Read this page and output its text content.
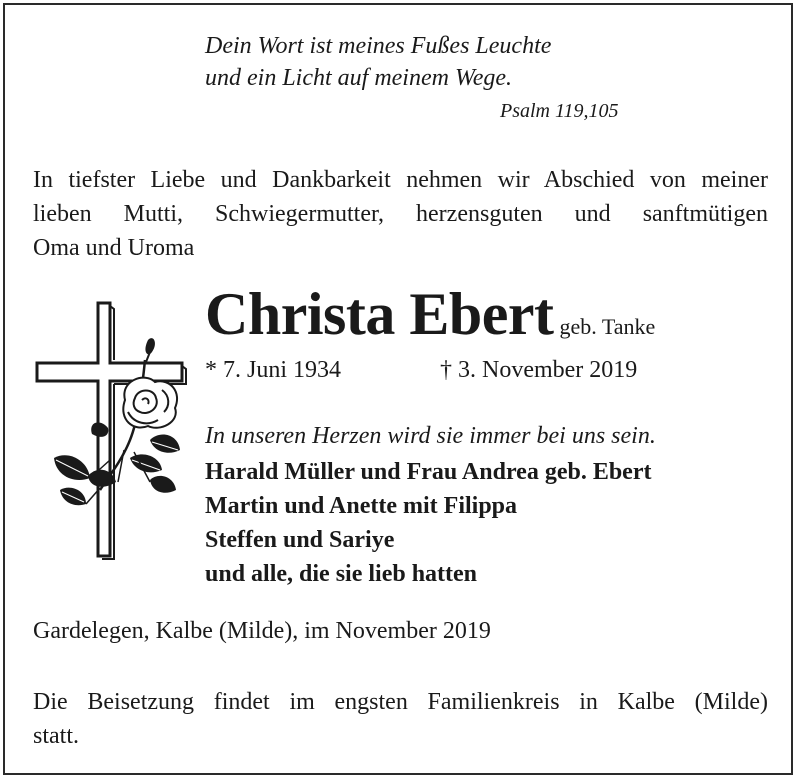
Dein Wort ist meines Fußes Leuchte
und ein Licht auf meinem Wege.
Psalm 119,105
In tiefster Liebe und Dankbarkeit nehmen wir Abschied von meiner
lieben Mutti, Schwiegermutter, herzensguten und sanftmütigen
Oma und Uroma
Christa Ebert geb. Tanke
* 7. Juni 1934	† 3. November 2019
In unseren Herzen wird sie immer bei uns sein.
Harald Müller und Frau Andrea geb. Ebert
Martin und Anette mit Filippa
Steffen und Sariye
und alle, die sie lieb hatten
Gardelegen, Kalbe (Milde), im November 2019
Die Beisetzung findet im engsten Familienkreis in Kalbe (Milde)
statt.
